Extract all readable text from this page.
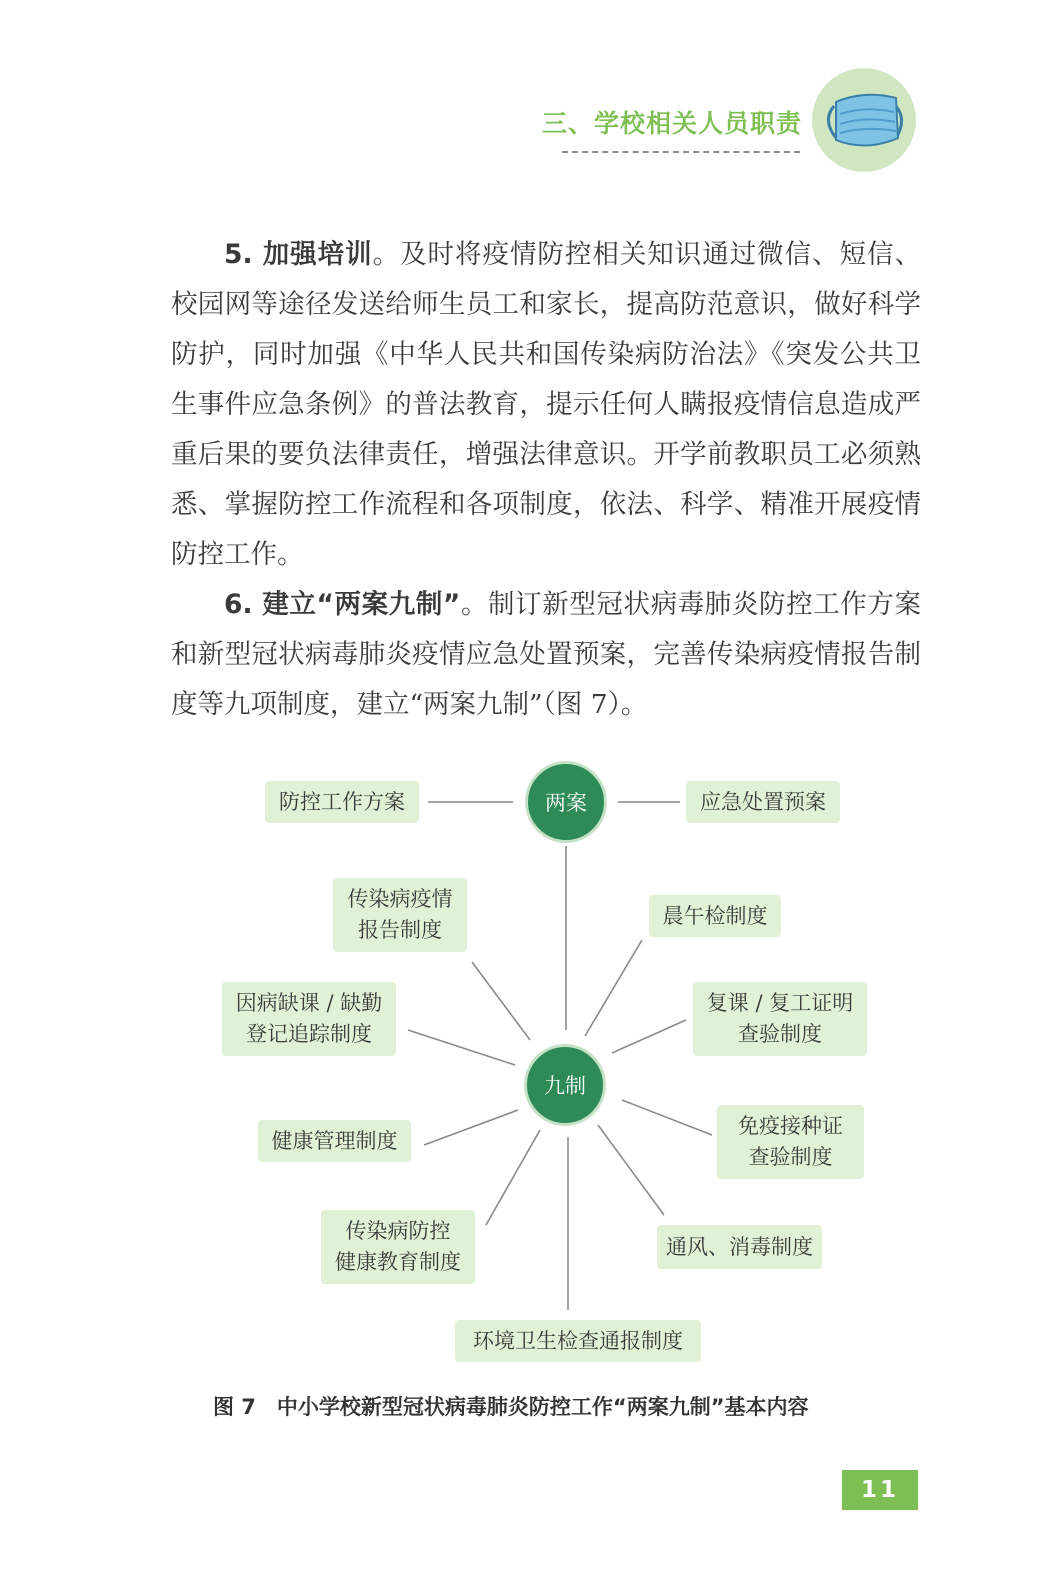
三、学校相关人员职责

5. 加强培训。及时将疫情防控相关知识通过微信、短信、校园网等途径发送给师生员工和家长，提高防范意识，做好科学防护，同时加强《中华人民共和国传染病防治法》《突发公共卫生事件应急条例》的普法教育，提示任何人瞒报疫情信息造成严重后果的要负法律责任，增强法律意识。开学前教职员工必须熟悉、掌握防控工作流程和各项制度，依法、科学、精准开展疫情防控工作。

6. 建立“两案九制”。制订新型冠状病毒肺炎防控工作方案和新型冠状病毒肺炎疫情应急处置预案，完善传染病疫情报告制度等九项制度，建立“两案九制”（图 7）。

两案
九制
防控工作方案	应急处置预案
传染病疫情
报告制度
晨午检制度
因病缺课 / 缺勤
登记追踪制度
复课 / 复工证明
查验制度
健康管理制度
免疫接种证
查验制度
传染病防控
健康教育制度
通风、消毒制度
环境卫生检查通报制度
图 7　中小学校新型冠状病毒肺炎防控工作“两案九制”基本内容
11
